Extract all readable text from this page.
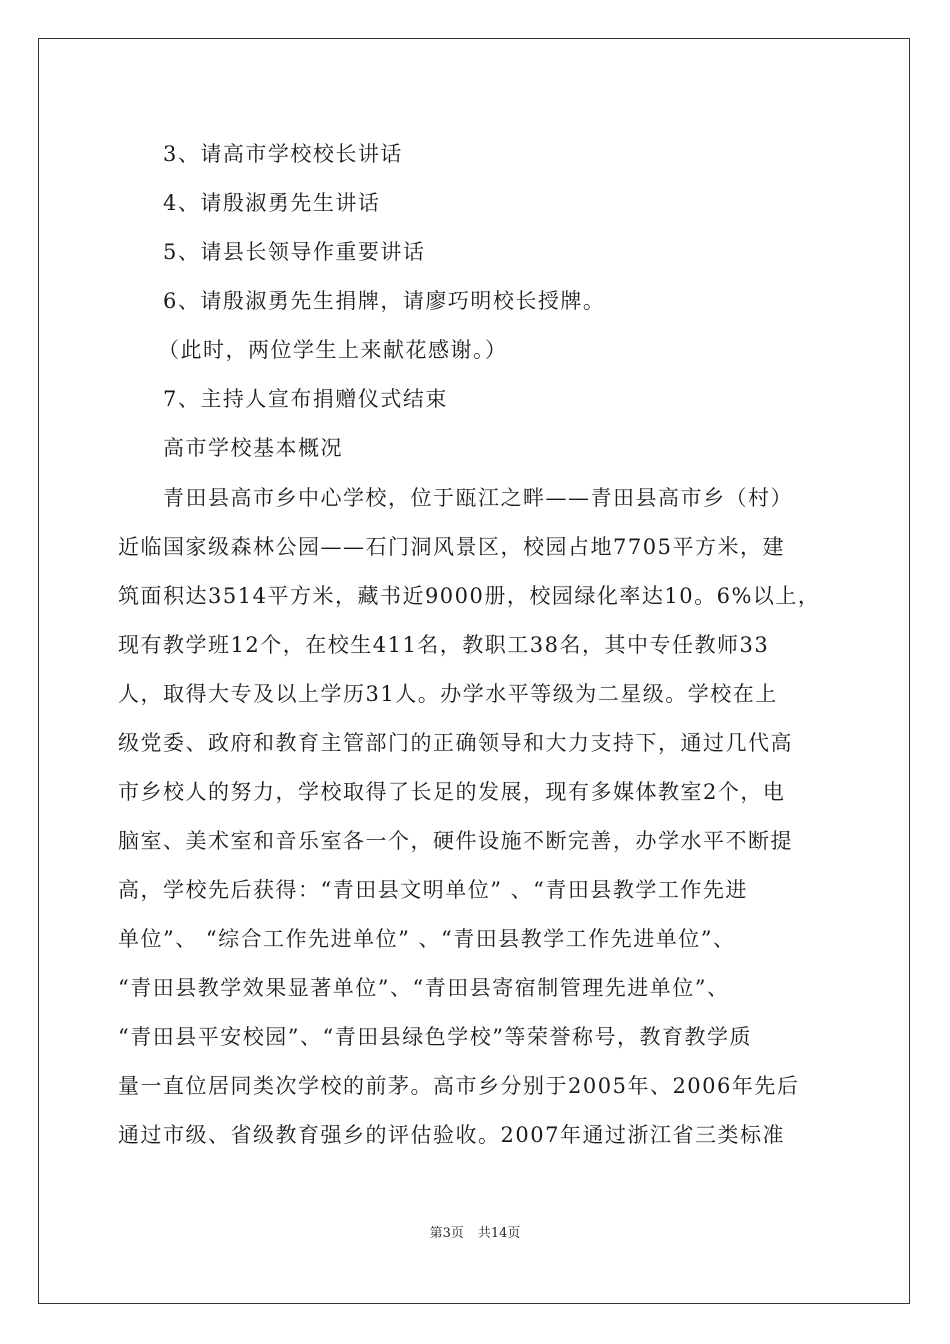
3、请高市学校校长讲话
4、请殷淑勇先生讲话
5、请县长领导作重要讲话
6、请殷淑勇先生捐牌，请廖巧明校长授牌。
（此时，两位学生上来献花感谢。）
7、主持人宣布捐赠仪式结束
高市学校基本概况
青田县高市乡中心学校，位于瓯江之畔——青田县高市乡（村）
近临国家级森林公园——石门洞风景区，校园占地7705平方米，建
筑面积达3514平方米，藏书近9000册，校园绿化率达10。6%以上，
现有教学班12个，在校生411名，教职工38名，其中专任教师33
人，取得大专及以上学历31人。办学水平等级为二星级。学校在上
级党委、政府和教育主管部门的正确领导和大力支持下，通过几代高
市乡校人的努力，学校取得了长足的发展，现有多媒体教室2个，电
脑室、美术室和音乐室各一个，硬件设施不断完善，办学水平不断提
高，学校先后获得：“青田县文明单位” 、“青田县教学工作先进
单位”、 “综合工作先进单位” 、“青田县教学工作先进单位”、
“青田县教学效果显著单位”、“青田县寄宿制管理先进单位”、
“青田县平安校园”、“青田县绿色学校”等荣誉称号，教育教学质
量一直位居同类次学校的前茅。高市乡分别于2005年、2006年先后
通过市级、省级教育强乡的评估验收。2007年通过浙江省三类标准
第3页 共14页
